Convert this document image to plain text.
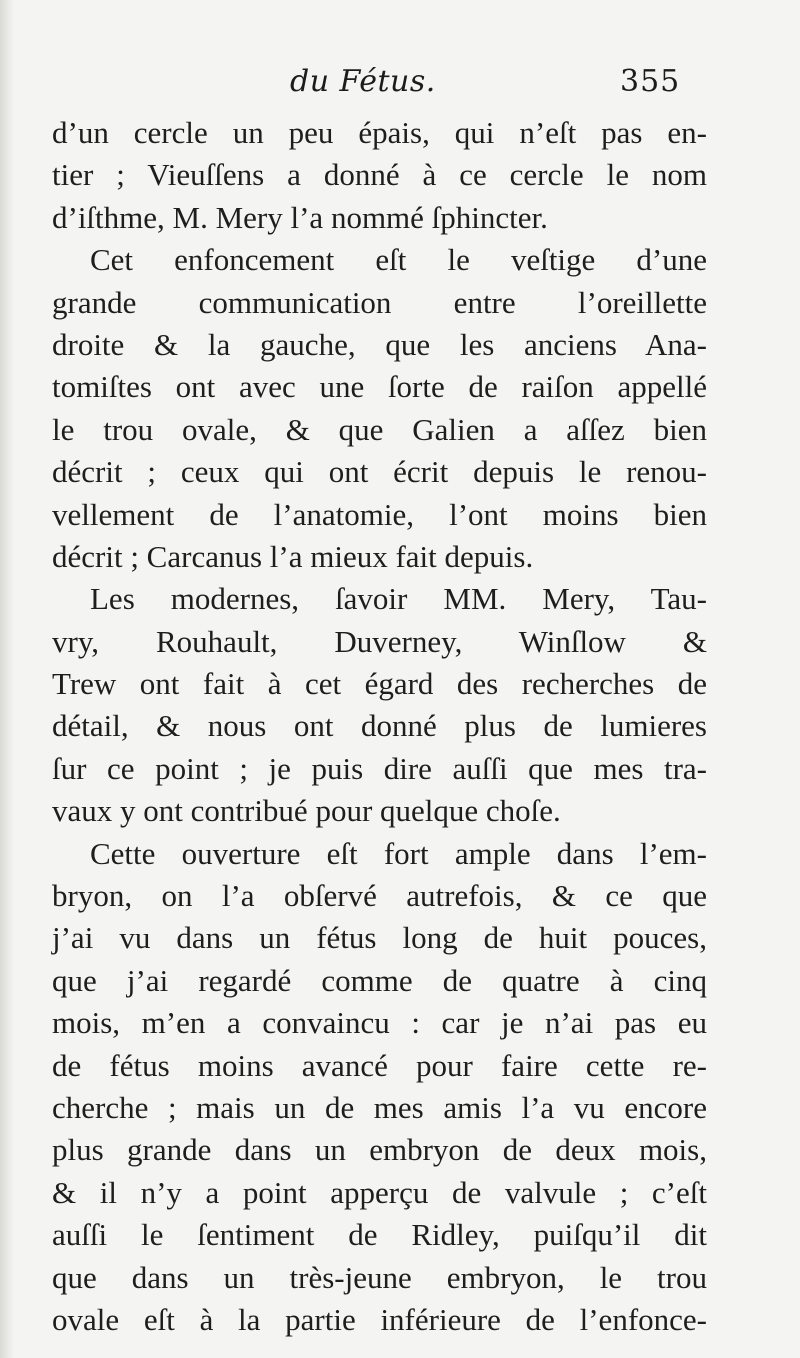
du Fétus.	355
d’un cercle un peu épais, qui n’eſt pas en-
tier ; Vieuſſens a donné à ce cercle le nom
d’iſthme, M. Mery l’a nommé ſphincter.
Cet enfoncement eſt le veſtige d’une
grande communication entre l’oreillette
droite & la gauche, que les anciens Ana-
tomiſtes ont avec une ſorte de raiſon appellé
le trou ovale, & que Galien a aſſez bien
décrit ; ceux qui ont écrit depuis le renou-
vellement de l’anatomie, l’ont moins bien
décrit ; Carcanus l’a mieux fait depuis.
Les modernes, ſavoir MM. Mery, Tau-
vry, Rouhault, Duverney, Winſlow &
Trew ont fait à cet égard des recherches de
détail, & nous ont donné plus de lumieres
ſur ce point ; je puis dire auſſi que mes tra-
vaux y ont contribué pour quelque choſe.
Cette ouverture eſt fort ample dans l’em-
bryon, on l’a obſervé autrefois, & ce que
j’ai vu dans un fétus long de huit pouces,
que j’ai regardé comme de quatre à cinq
mois, m’en a convaincu : car je n’ai pas eu
de fétus moins avancé pour faire cette re-
cherche ; mais un de mes amis l’a vu encore
plus grande dans un embryon de deux mois,
& il n’y a point apperçu de valvule ; c’eſt
auſſi le ſentiment de Ridley, puiſqu’il dit
que dans un très-jeune embryon, le trou
ovale eſt à la partie inférieure de l’enfonce-
